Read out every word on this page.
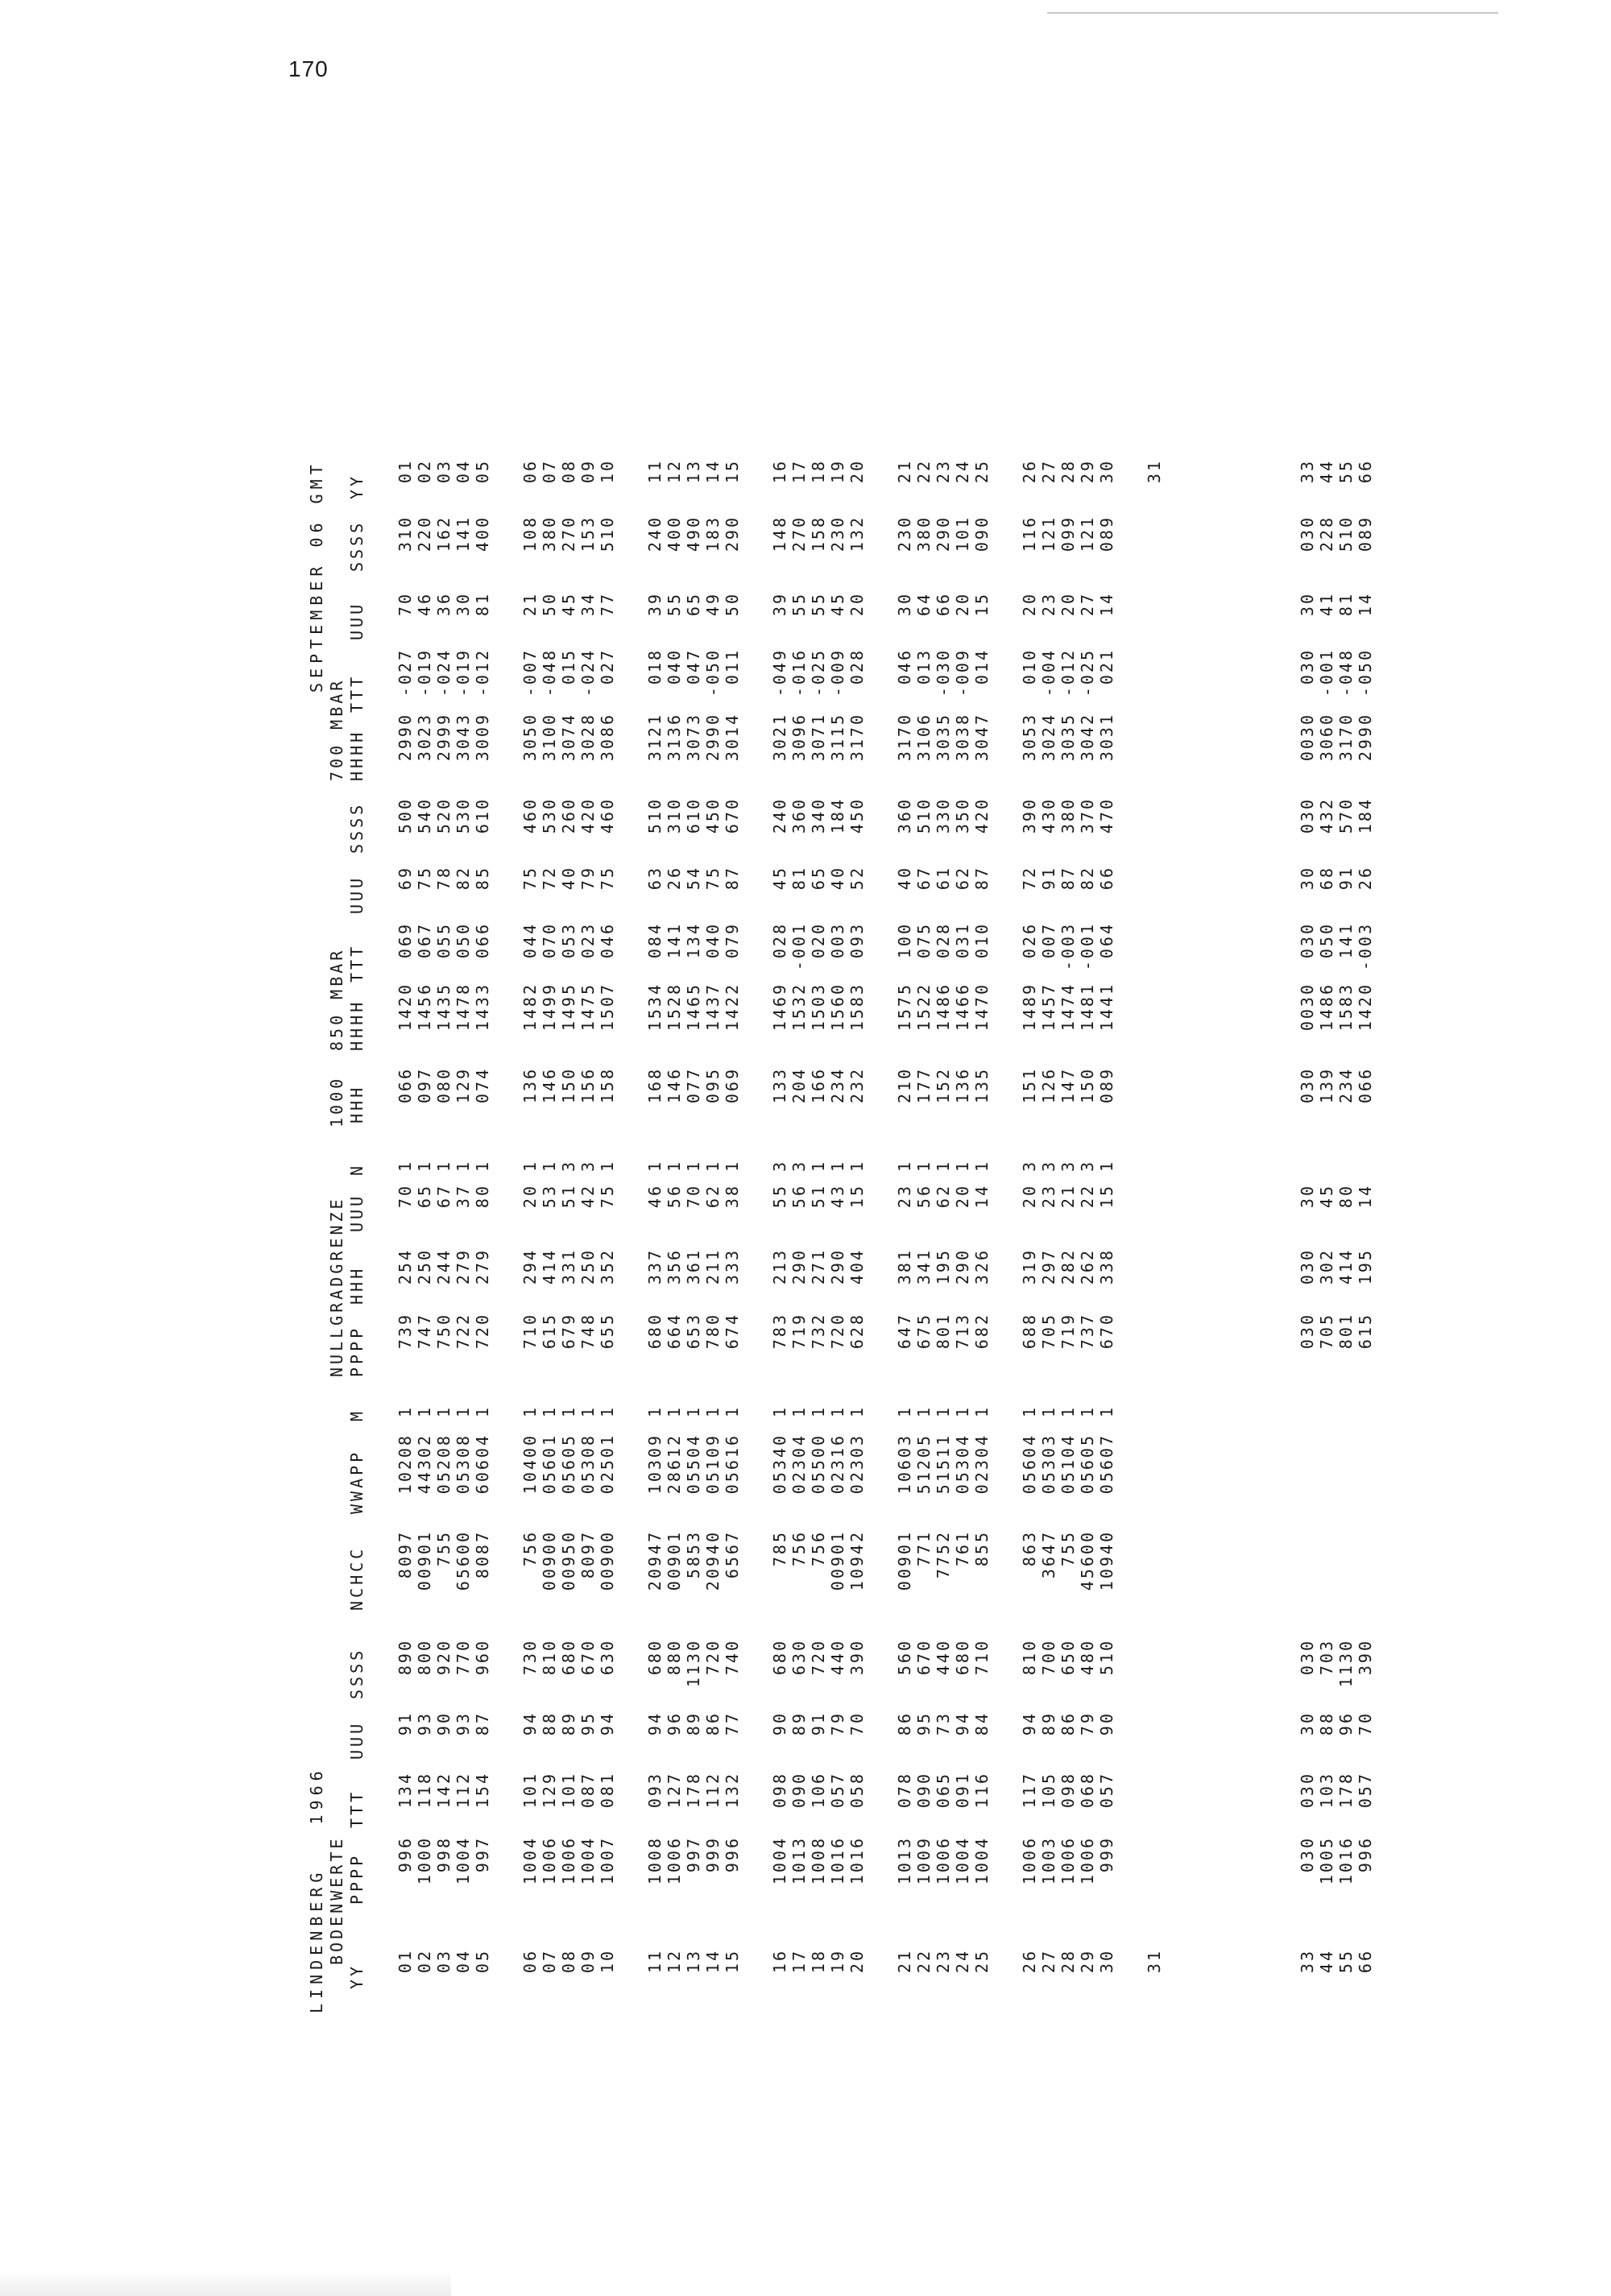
170
LINDENBERG   1966
SEPTEMBER 06 GMT
BODENWERTE
NULLGRADGRENZE
1000
850 MBAR
700 MBAR
YY
PPPP
TTT
UUU
SSSS
NCHCC
WWAPP
M
PPPP
HHH
UUU
N
HHH
HHHH
TTT
UUU
SSSS
HHHH
TTT
UUU
SSSS
YY
01
996
134
91
890
8097
10208
1
739
254
70
1
066
1420
069
69
500
2990
-027
70
310
01
02
1000
118
93
800
00901
44302
1
747
250
65
1
097
1456
067
75
540
3023
-019
46
220
02
03
998
142
90
920
755
05208
1
750
244
67
1
080
1435
055
78
520
2999
-024
36
162
03
04
1004
112
93
770
65600
05308
1
722
279
37
1
129
1478
050
82
530
3043
-019
30
141
04
05
997
154
87
960
8087
60604
1
720
279
80
1
074
1433
066
85
610
3009
-012
81
400
05
06
1004
101
94
730
756
10400
1
710
294
20
1
136
1482
044
75
460
3050
-007
21
108
06
07
1006
129
88
810
00900
05601
1
615
414
53
1
146
1499
070
72
530
3100
-048
50
380
07
08
1006
101
89
680
00950
05605
1
679
331
51
3
150
1495
053
40
260
3074
015
45
270
08
09
1004
087
95
670
8097
05308
1
748
250
42
3
156
1475
023
79
420
3028
-024
34
153
09
10
1007
081
94
630
00900
02501
1
655
352
75
1
158
1507
046
75
460
3086
027
77
510
10
11
1008
093
94
680
20947
10309
1
680
337
46
1
168
1534
084
63
510
3121
018
39
240
11
12
1006
127
96
880
00901
28612
1
664
356
56
1
146
1528
141
26
310
3136
040
55
400
12
13
997
178
89
1130
5853
05504
1
653
361
70
1
077
1465
134
54
610
3073
047
65
490
13
14
999
112
86
720
20940
05109
1
780
211
62
1
095
1437
040
75
450
2990
-050
49
183
14
15
996
132
77
740
6567
05616
1
674
333
38
1
069
1422
079
87
670
3014
011
50
290
15
16
1004
098
90
680
785
05340
1
783
213
55
3
133
1469
028
45
240
3021
-049
39
148
16
17
1013
090
89
630
756
02304
1
719
290
56
3
204
1532
-001
81
360
3096
-016
55
270
17
18
1008
106
91
720
756
05500
1
732
271
51
1
166
1503
020
65
340
3071
-025
55
158
18
19
1016
057
79
440
00901
02316
1
720
290
43
1
234
1560
003
40
184
3115
-009
45
230
19
20
1016
058
70
390
10942
02303
1
628
404
15
1
232
1583
093
52
450
3170
028
20
132
20
21
1013
078
86
560
00901
10603
1
647
381
23
1
210
1575
100
40
360
3170
046
30
230
21
22
1009
090
95
670
771
51205
1
675
341
56
1
177
1522
075
67
510
3106
013
64
380
22
23
1006
065
73
440
7752
51511
1
801
195
62
1
152
1486
028
61
330
3035
-030
66
290
23
24
1004
091
94
680
761
05304
1
713
290
20
1
136
1466
031
62
350
3038
-009
20
101
24
25
1004
116
84
710
855
02304
1
682
326
14
1
135
1470
010
87
420
3047
014
15
090
25
26
1006
117
94
810
863
05604
1
688
319
20
3
151
1489
026
72
390
3053
010
20
116
26
27
1003
105
89
700
3647
05303
1
705
297
23
3
126
1457
007
91
430
3024
-004
23
121
27
28
1006
098
86
650
755
05104
1
719
282
21
3
147
1474
-003
87
380
3035
-012
20
099
28
29
1006
068
79
480
45600
05605
1
737
262
22
3
150
1481
-001
82
370
3042
-025
27
121
29
30
999
057
90
510
10940
05607
1
670
338
15
1
089
1441
064
66
470
3031
021
14
089
30
31
31
33
030
030
30
030
030
030
30
030
0030
030
30
030
0030
030
30
030
33
44
1005
103
88
703
705
302
45
139
1486
050
68
432
3060
-001
41
228
44
55
1016
178
96
1130
801
414
80
234
1583
141
91
570
3170
-048
81
510
55
66
996
057
70
390
615
195
14
066
1420
-003
26
184
2990
-050
14
089
66
